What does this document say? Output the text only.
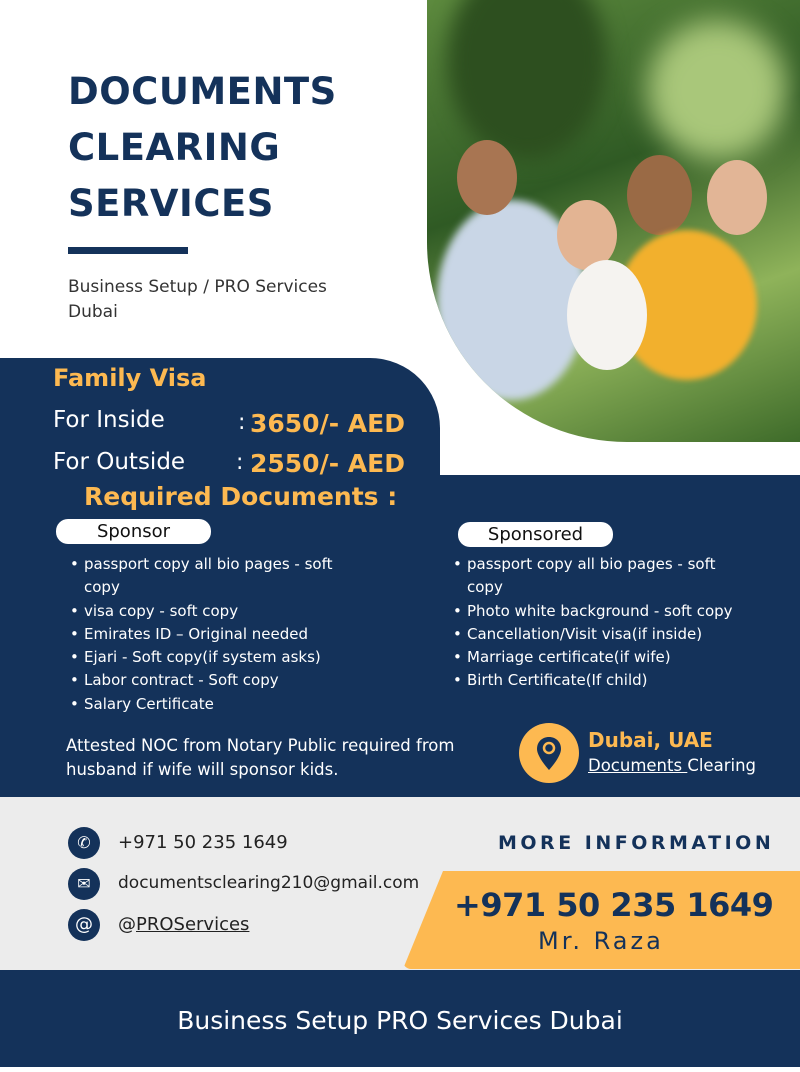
DOCUMENTS
CLEARING
SERVICES
Business Setup / PRO Services
Dubai
Family Visa
For Inside	: 3650/- AED
For Outside : 2550/- AED
Required Documents :
Sponsor
• passport copy all bio pages - soft copy
• visa copy - soft copy
• Emirates ID – Original needed
• Ejari - Soft copy(if system asks)
• Labor contract - Soft copy
• Salary Certificate
Sponsored
• passport copy all bio pages - soft copy
• Photo white background - soft copy
• Cancellation/Visit visa(if inside)
• Marriage certificate(if wife)
• Birth Certificate(If child)
Attested NOC from Notary Public required from husband if wife will sponsor kids.
Dubai, UAE
Documents Clearing
✆	+971 50 235 1649
✉	documentsclearing210@gmail.com
@	@PROServices
MORE INFORMATION
+971 50 235 1649
Mr. Raza
Business Setup PRO Services Dubai
